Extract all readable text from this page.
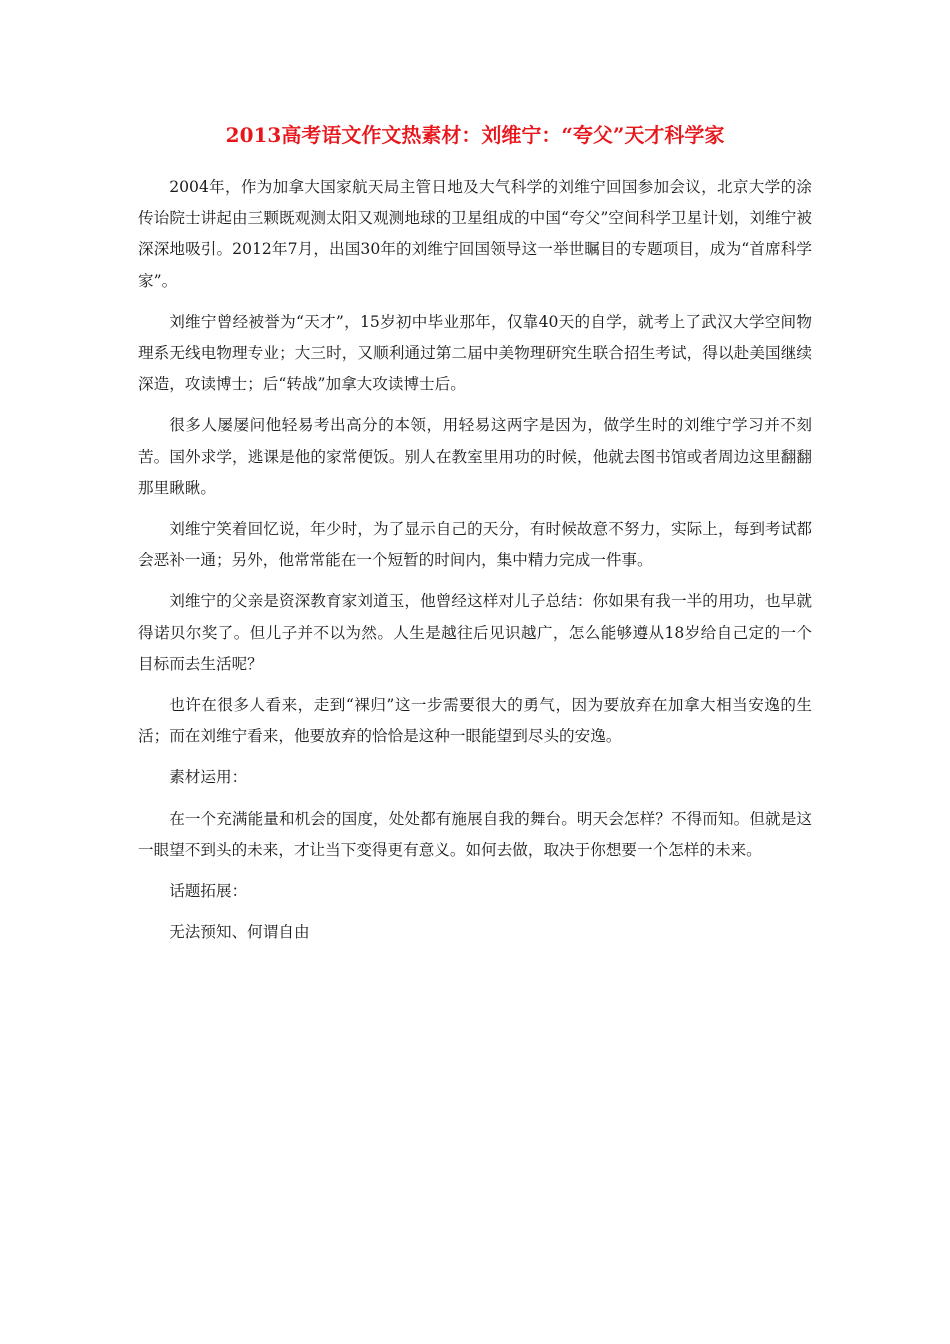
2013高考语文作文热素材：刘维宁：“夸父”天才科学家

2004年，作为加拿大国家航天局主管日地及大气科学的刘维宁回国参加会议，北京大学的涂传诒院士讲起由三颗既观测太阳又观测地球的卫星组成的中国“夸父”空间科学卫星计划，刘维宁被深深地吸引。2012年7月，出国30年的刘维宁回国领导这一举世瞩目的专题项目，成为“首席科学家”。

刘维宁曾经被誉为“天才”，15岁初中毕业那年，仅靠40天的自学，就考上了武汉大学空间物理系无线电物理专业；大三时，又顺利通过第二届中美物理研究生联合招生考试，得以赴美国继续深造，攻读博士；后“转战”加拿大攻读博士后。

很多人屡屡问他轻易考出高分的本领，用轻易这两字是因为，做学生时的刘维宁学习并不刻苦。国外求学，逃课是他的家常便饭。别人在教室里用功的时候，他就去图书馆或者周边这里翻翻那里瞅瞅。

刘维宁笑着回忆说，年少时，为了显示自己的天分，有时候故意不努力，实际上，每到考试都会恶补一通；另外，他常常能在一个短暂的时间内，集中精力完成一件事。

刘维宁的父亲是资深教育家刘道玉，他曾经这样对儿子总结：你如果有我一半的用功，也早就得诺贝尔奖了。但儿子并不以为然。人生是越往后见识越广，怎么能够遵从18岁给自己定的一个目标而去生活呢？

也许在很多人看来，走到“裸归”这一步需要很大的勇气，因为要放弃在加拿大相当安逸的生活；而在刘维宁看来，他要放弃的恰恰是这种一眼能望到尽头的安逸。

素材运用：

在一个充满能量和机会的国度，处处都有施展自我的舞台。明天会怎样？不得而知。但就是这一眼望不到头的未来，才让当下变得更有意义。如何去做，取决于你想要一个怎样的未来。

话题拓展：

无法预知、何谓自由
